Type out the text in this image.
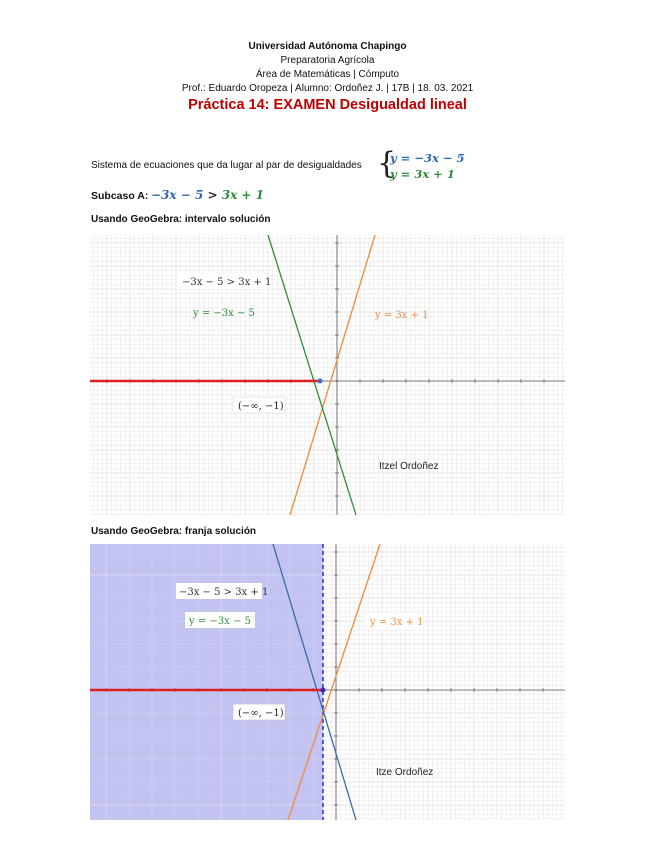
Universidad Autónoma Chapingo
Preparatoria Agrícola
Área de Matemáticas | Cómputo
Prof.: Eduardo Oropeza | Alumno: Ordoñez J. | 17B | 18. 03. 2021
Práctica 14: EXAMEN Desigualdad lineal
Sistema de ecuaciones que da lugar al par de desigualdades {
y = −3x − 5
y = 3x + 1
Subcaso A: −3x − 5 > 3x + 1
Usando GeoGebra: intervalo solución
−3x − 5 > 3x + 1
y = −3x − 5	y = 3x + 1
(−∞, −1)
Itzel Ordoñez
Usando GeoGebra: franja solución
−3x − 5 > 3x + 1
y = −3x − 5	y = 3x + 1
(−∞, −1)
Itze Ordoñez
